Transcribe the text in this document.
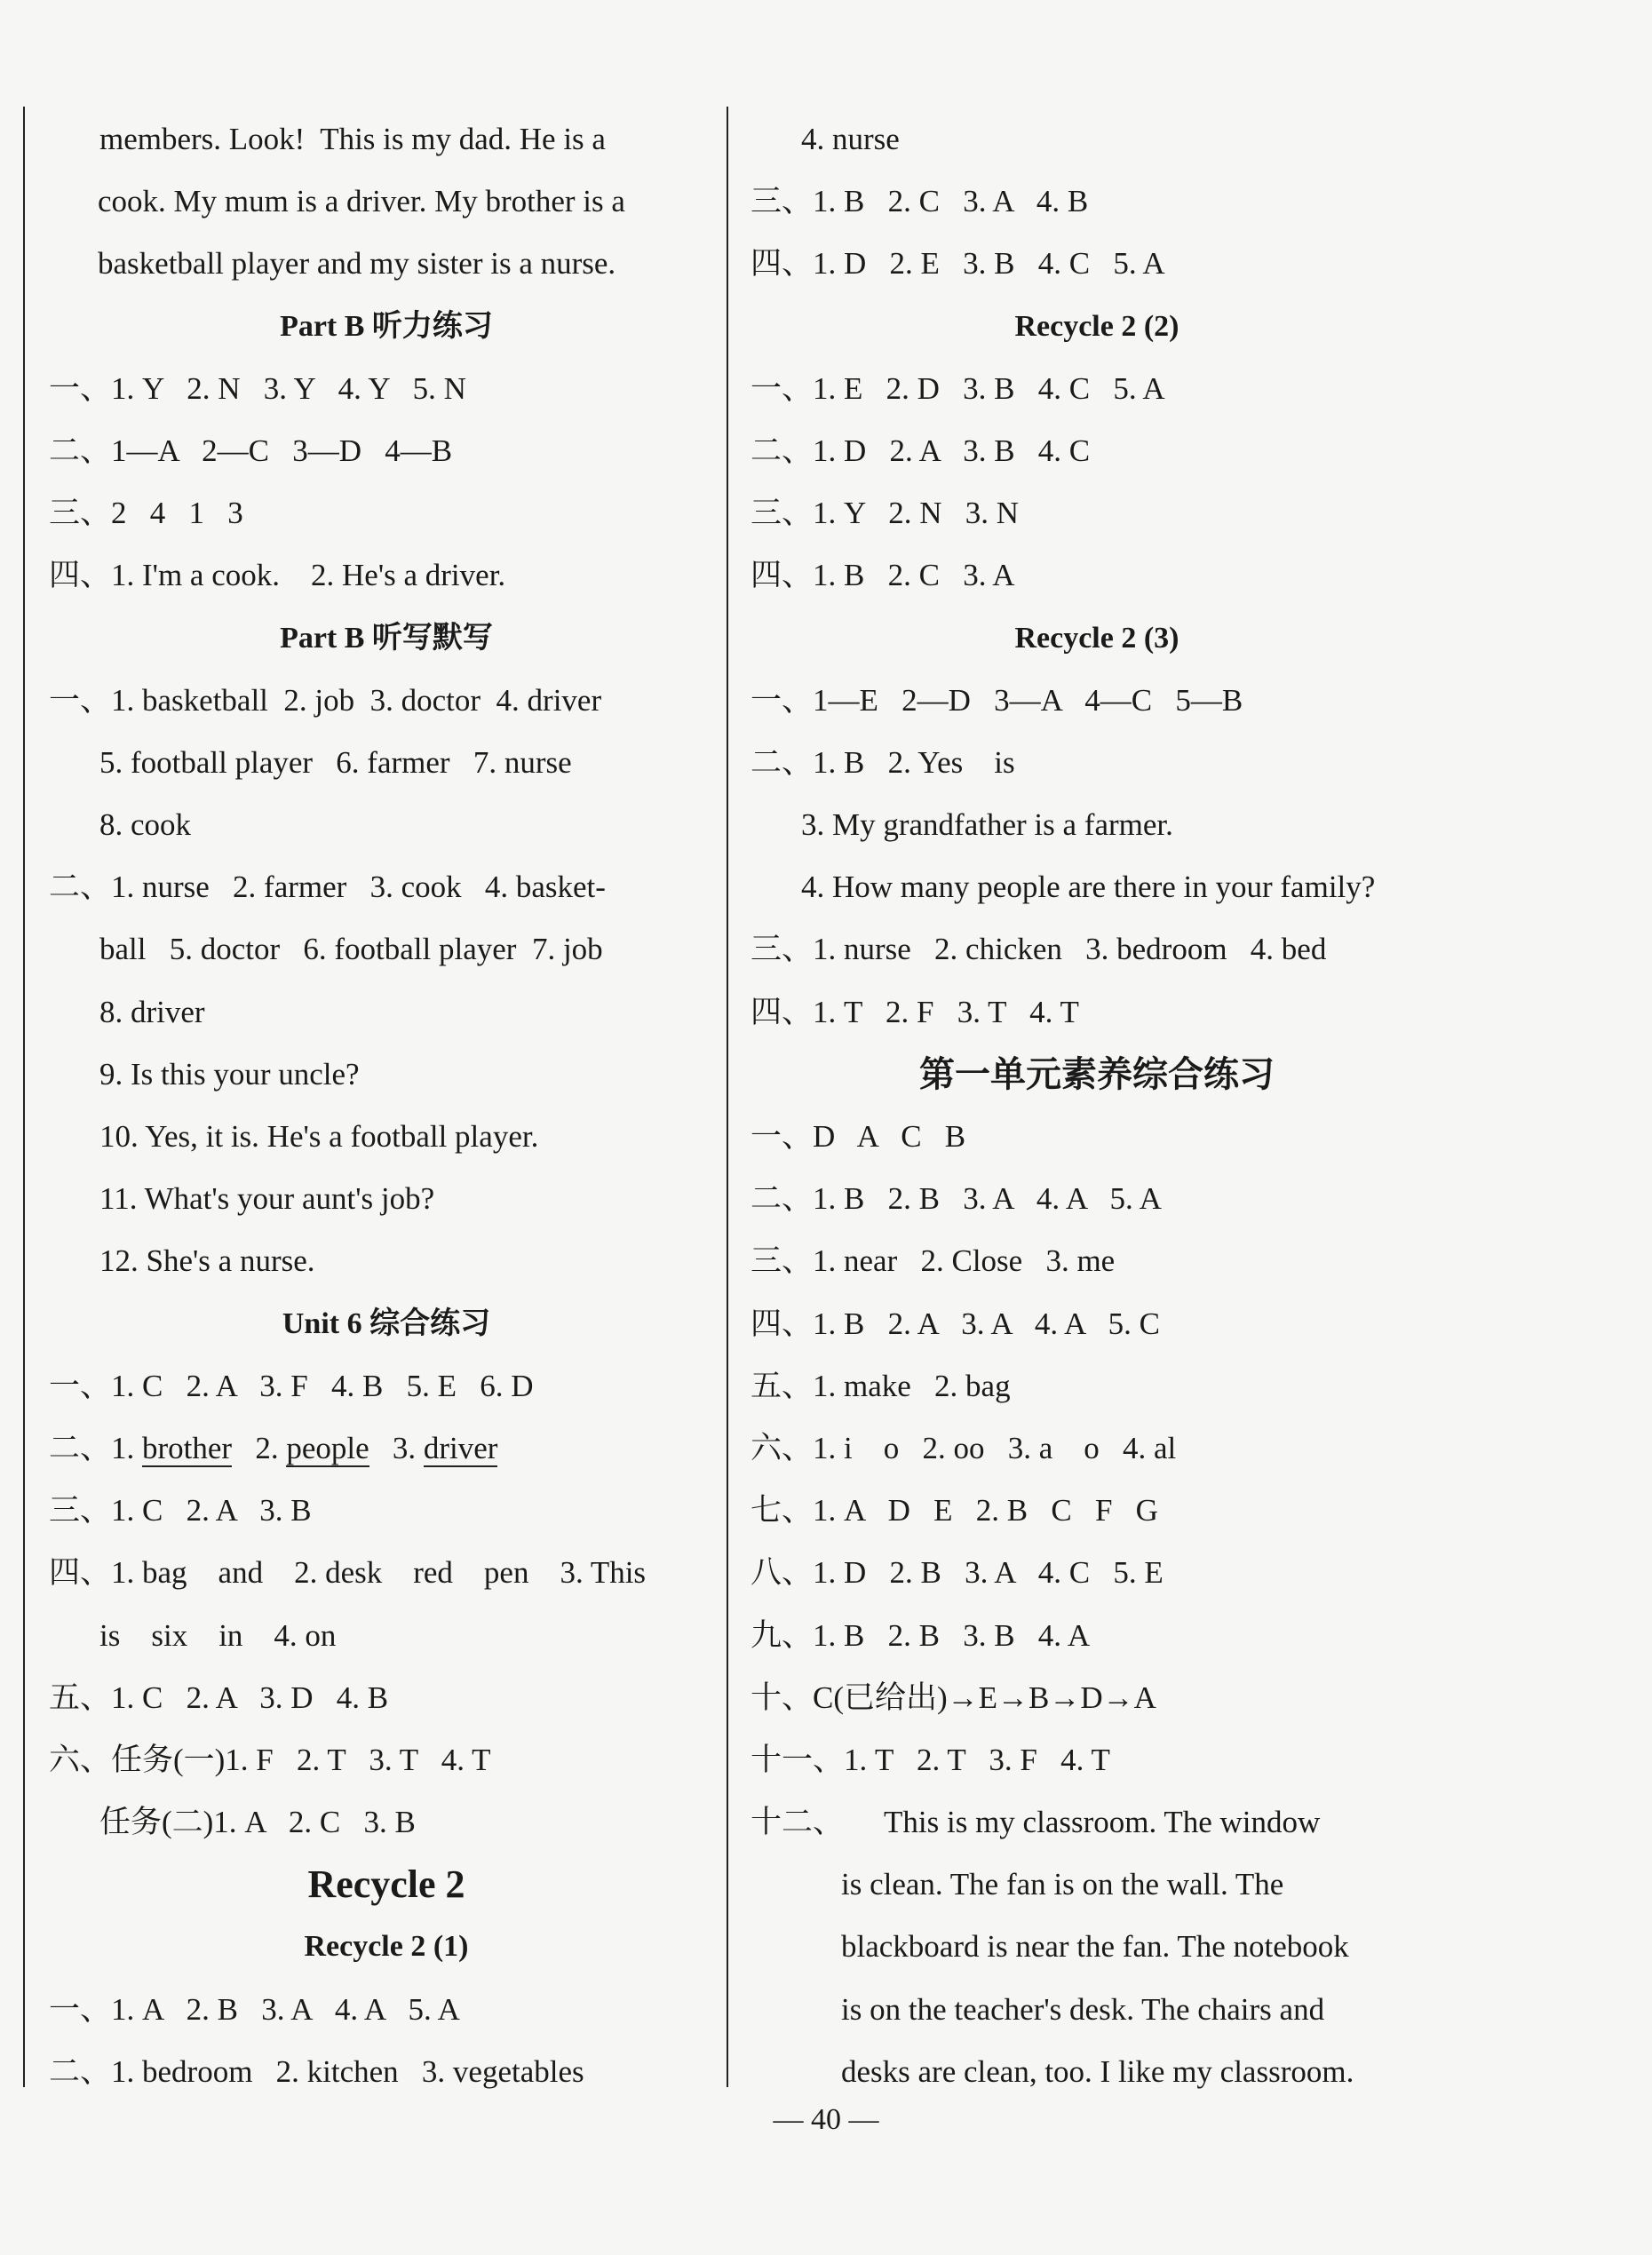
members. Look!  This is my dad. He is a
cook. My mum is a driver. My brother is a
basketball player and my sister is a nurse.
Part B 听力练习
一、1. Y   2. N   3. Y   4. Y   5. N
二、1—A   2—C   3—D   4—B
三、2   4   1   3
四、1. I'm a cook.    2. He's a driver.
Part B 听写默写
一、1. basketball  2. job  3. doctor  4. driver
5. football player   6. farmer   7. nurse
8. cook
二、1. nurse   2. farmer   3. cook   4. basket-
ball   5. doctor   6. football player  7. job
8. driver
9. Is this your uncle?
10. Yes, it is. He's a football player.
11. What's your aunt's job?
12. She's a nurse.
Unit 6 综合练习
一、1. C   2. A   3. F   4. B   5. E   6. D
二、1. brother   2. people   3. driver
三、1. C   2. A   3. B
四、1. bag    and    2. desk    red    pen    3. This
is    six    in    4. on
五、1. C   2. A   3. D   4. B
六、任务(一)1. F   2. T   3. T   4. T
任务(二)1. A   2. C   3. B
Recycle 2
Recycle 2 (1)
一、1. A   2. B   3. A   4. A   5. A
二、1. bedroom   2. kitchen   3. vegetables
4. nurse
三、1. B   2. C   3. A   4. B
四、1. D   2. E   3. B   4. C   5. A
Recycle 2 (2)
一、1. E   2. D   3. B   4. C   5. A
二、1. D   2. A   3. B   4. C
三、1. Y   2. N   3. N
四、1. B   2. C   3. A
Recycle 2 (3)
一、1—E   2—D   3—A   4—C   5—B
二、1. B   2. Yes    is
3. My grandfather is a farmer.
4. How many people are there in your family?
三、1. nurse   2. chicken   3. bedroom   4. bed
四、1. T   2. F   3. T   4. T
第一单元素养综合练习
一、D   A   C   B
二、1. B   2. B   3. A   4. A   5. A
三、1. near   2. Close   3. me
四、1. B   2. A   3. A   4. A   5. C
五、1. make   2. bag
六、1. i    o   2. oo   3. a    o   4. al
七、1. A   D   E   2. B   C   F   G
八、1. D   2. B   3. A   4. C   5. E
九、1. B   2. B   3. B   4. A
十、C(已给出)→E→B→D→A
十一、1. T   2. T   3. F   4. T
十二、 This is my classroom. The window
is clean. The fan is on the wall. The
blackboard is near the fan. The notebook
is on the teacher's desk. The chairs and
desks are clean, too. I like my classroom.
— 40 —
